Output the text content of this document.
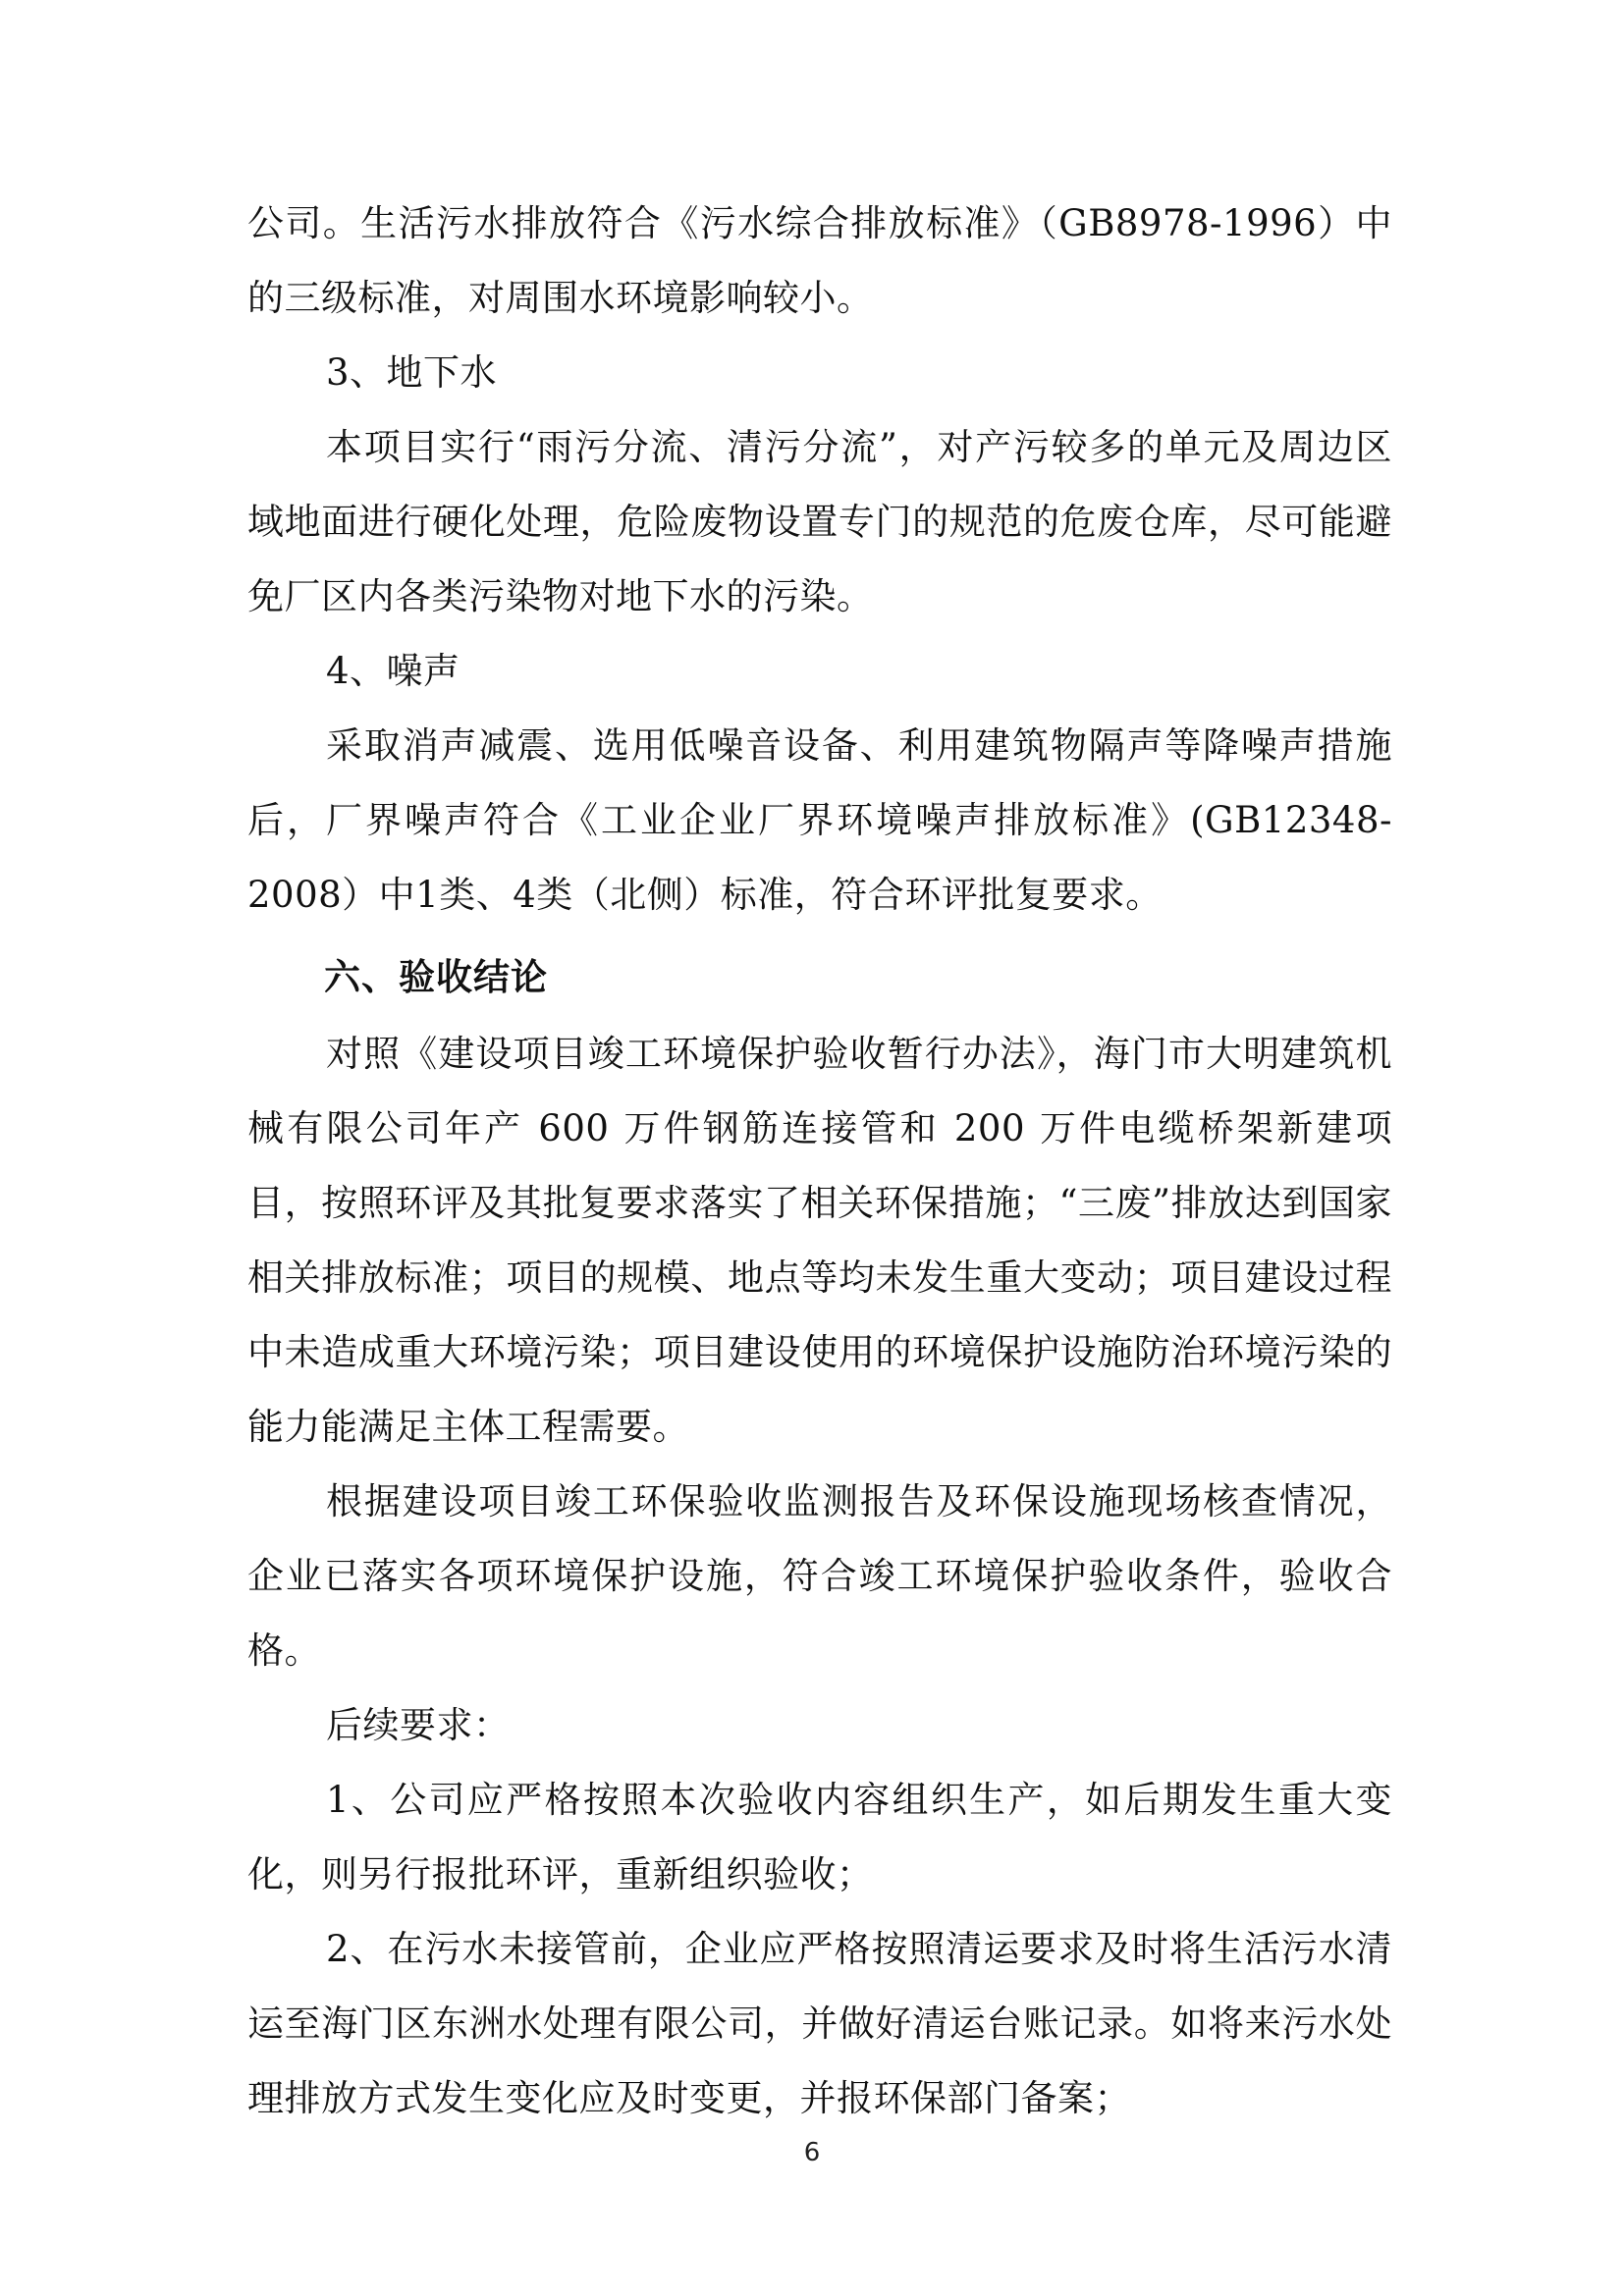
公司。生活污水排放符合《污水综合排放标准》（GB8978-1996）中的三级标准，对周围水环境影响较小。

3、地下水

本项目实行“雨污分流、清污分流”，对产污较多的单元及周边区域地面进行硬化处理，危险废物设置专门的规范的危废仓库，尽可能避免厂区内各类污染物对地下水的污染。

4、噪声

采取消声减震、选用低噪音设备、利用建筑物隔声等降噪声措施后，厂界噪声符合《工业企业厂界环境噪声排放标准》(GB12348-2008）中1类、4类（北侧）标准，符合环评批复要求。

六、验收结论

对照《建设项目竣工环境保护验收暂行办法》，海门市大明建筑机械有限公司年产 600 万件钢筋连接管和 200 万件电缆桥架新建项目，按照环评及其批复要求落实了相关环保措施；“三废”排放达到国家相关排放标准；项目的规模、地点等均未发生重大变动；项目建设过程中未造成重大环境污染；项目建设使用的环境保护设施防治环境污染的能力能满足主体工程需要。

根据建设项目竣工环保验收监测报告及环保设施现场核查情况，企业已落实各项环境保护设施，符合竣工环境保护验收条件，验收合格。

后续要求：

1、公司应严格按照本次验收内容组织生产，如后期发生重大变化，则另行报批环评，重新组织验收；

2、在污水未接管前，企业应严格按照清运要求及时将生活污水清运至海门区东洲水处理有限公司，并做好清运台账记录。如将来污水处理排放方式发生变化应及时变更，并报环保部门备案；

6
